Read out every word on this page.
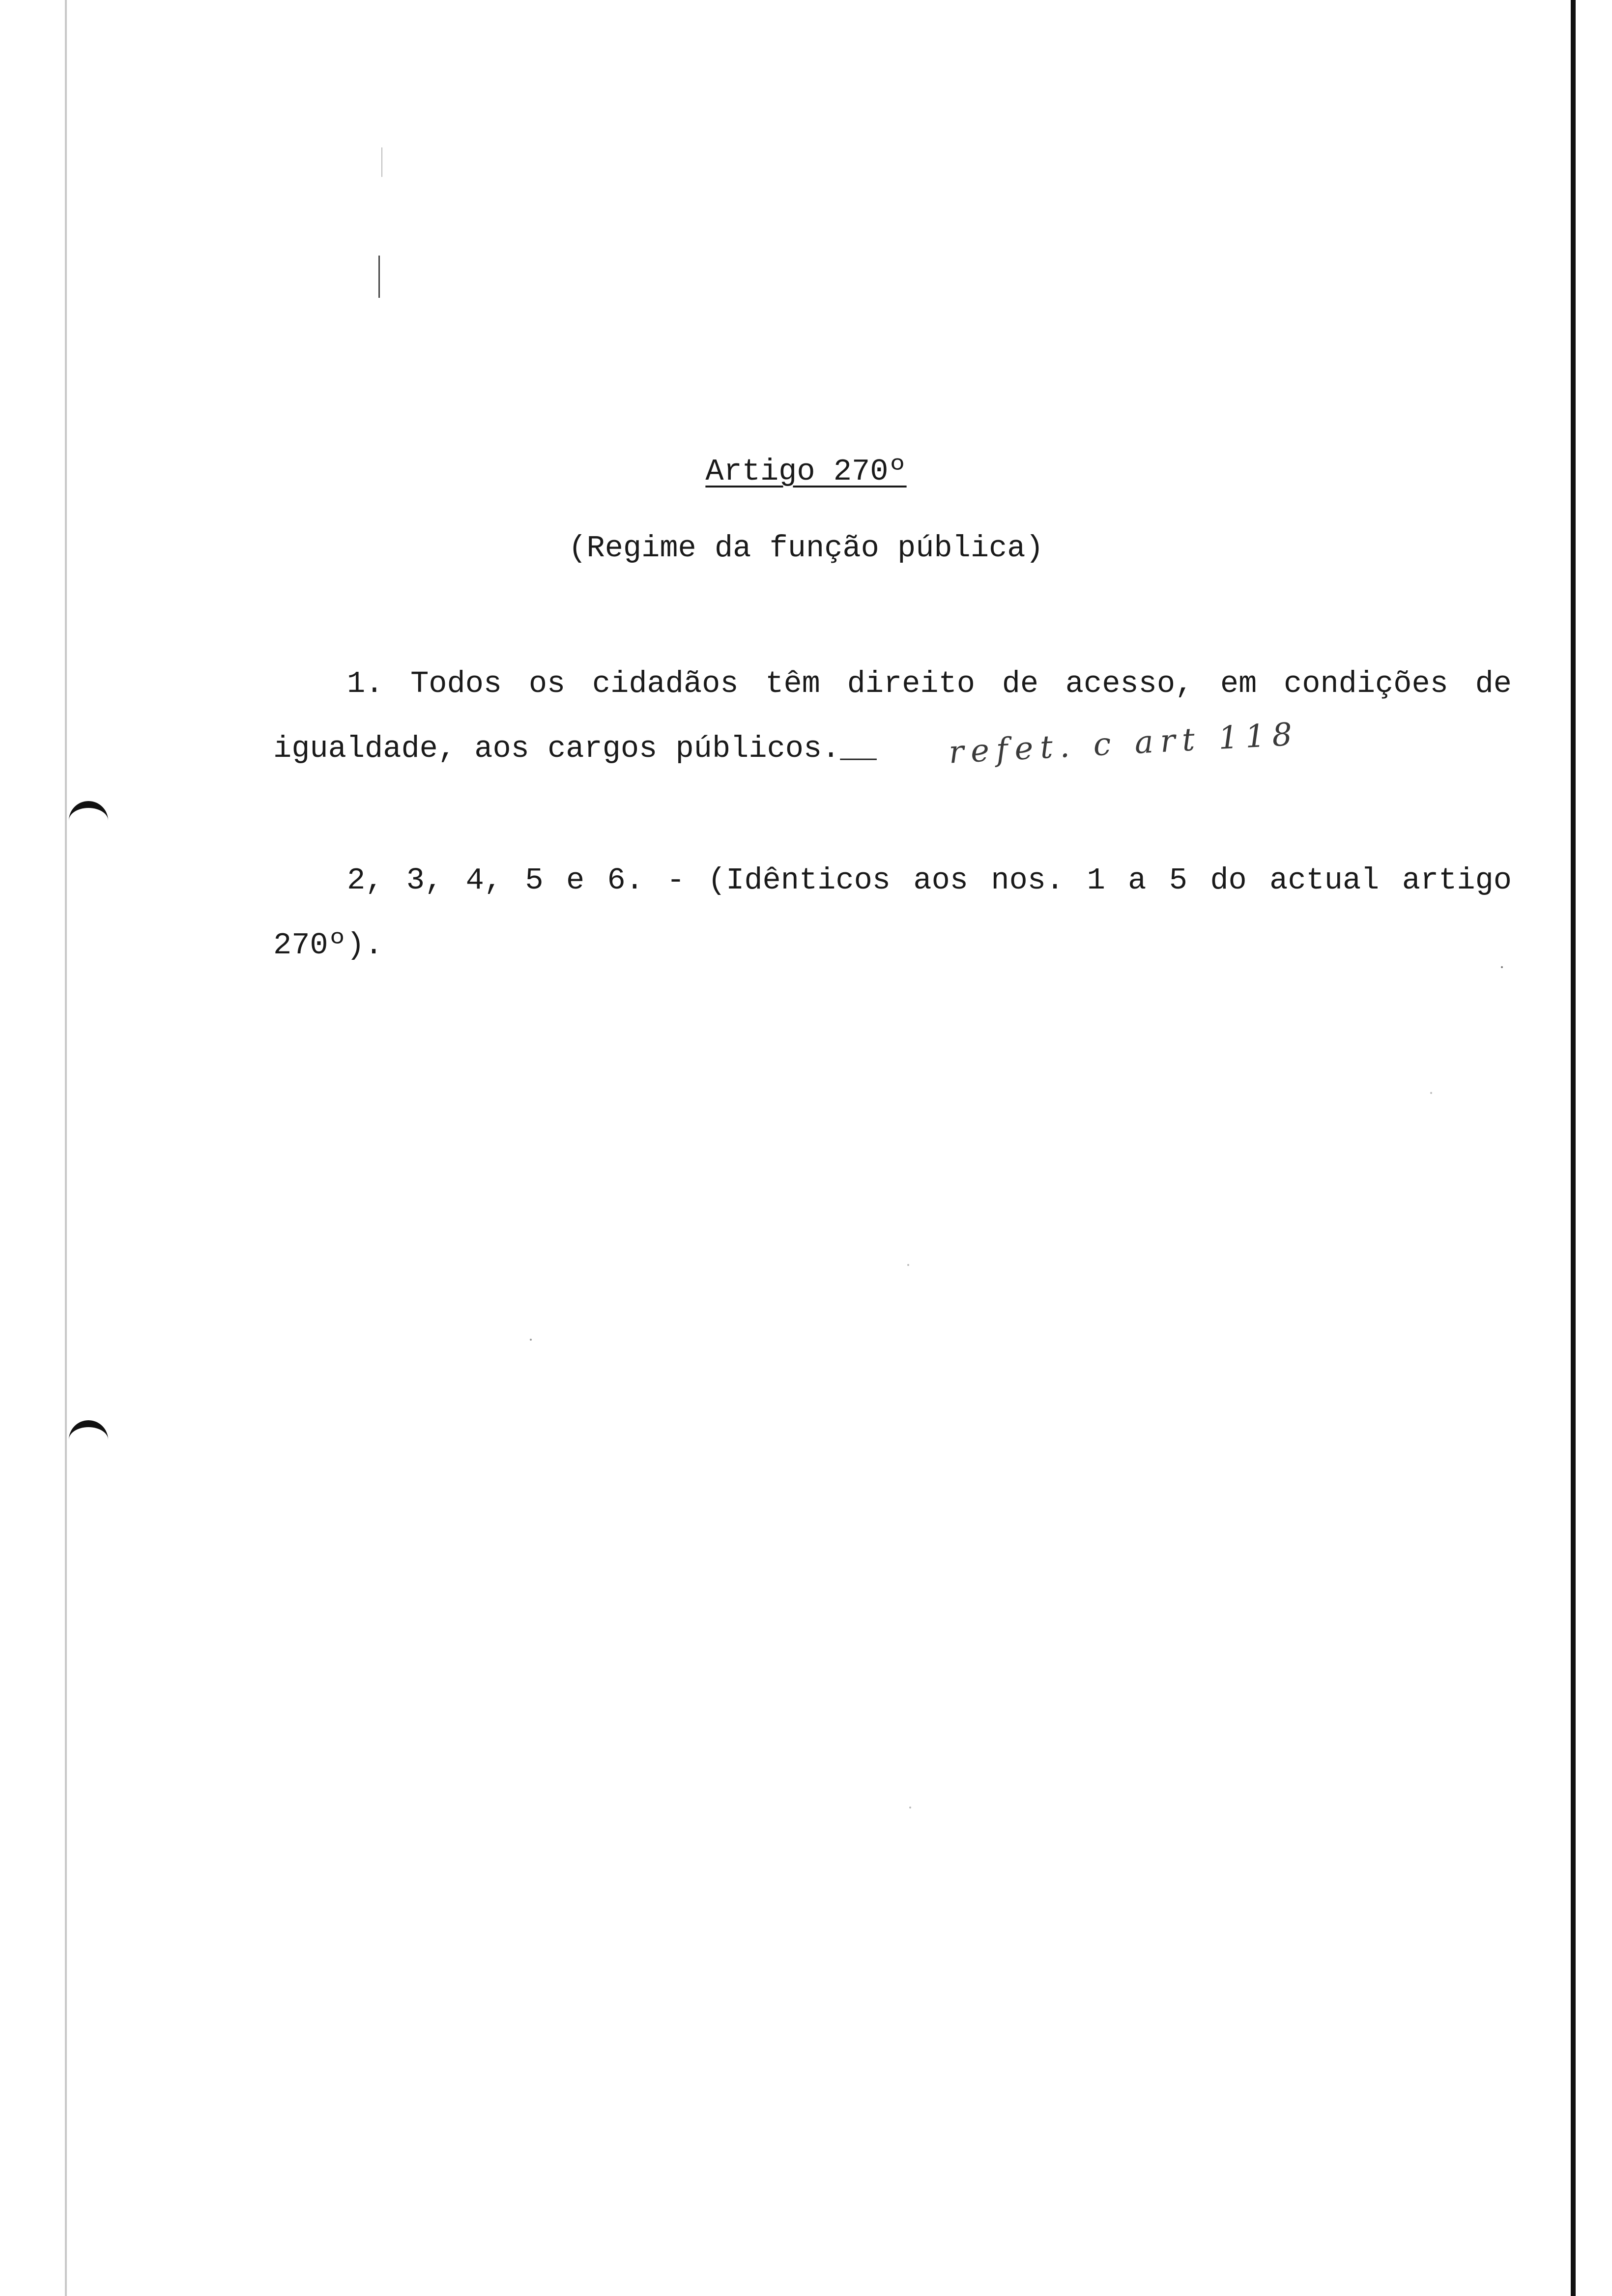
Artigo 270º

(Regime da função pública)

1. Todos os cidadãos têm direito de acesso, em condições de igualdade, aos cargos públicos.__	refet. c art 118

2, 3, 4, 5 e 6. - (Idênticos aos nos. 1 a 5 do actual artigo 270º).
